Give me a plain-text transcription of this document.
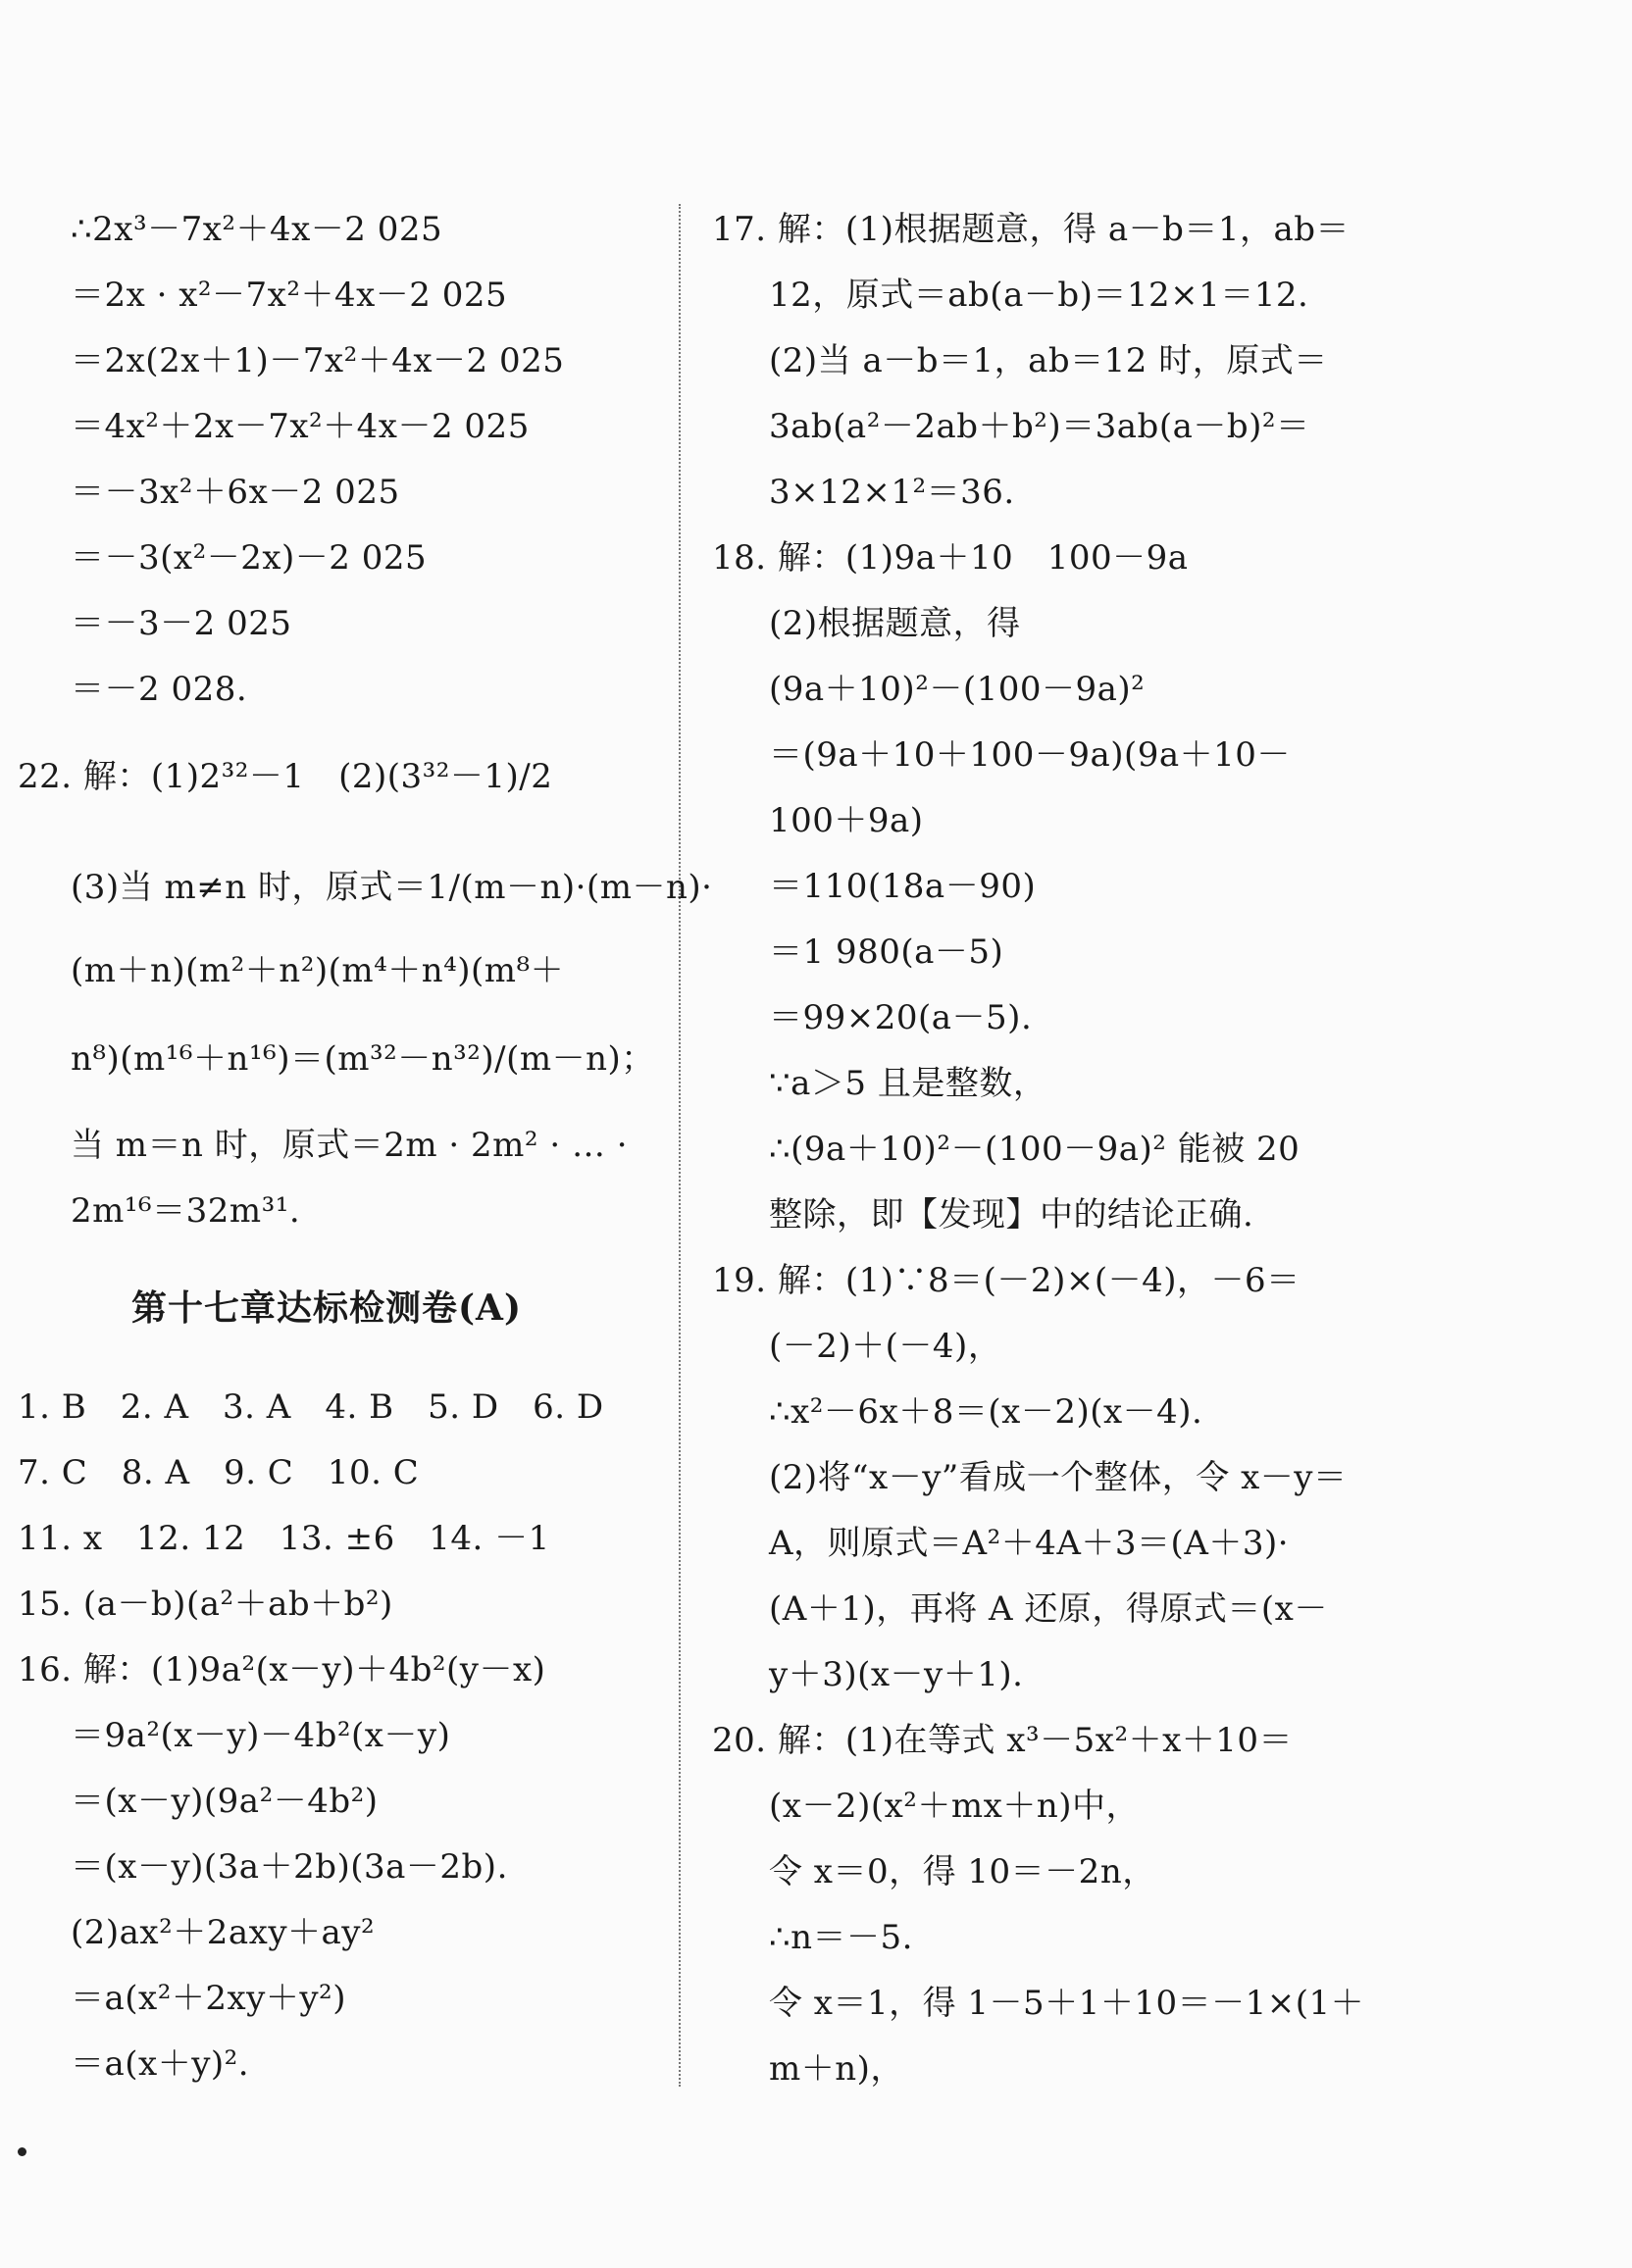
∴2x³－7x²＋4x－2 025
＝2x · x²－7x²＋4x－2 025
＝2x(2x＋1)－7x²＋4x－2 025
＝4x²＋2x－7x²＋4x－2 025
＝－3x²＋6x－2 025
＝－3(x²－2x)－2 025
＝－3－2 025
＝－2 028.
22. 解：(1)2³²－1　(2)(3³²－1)/2
(3)当 m≠n 时，原式＝1/(m－n)·(m－n)·
(m＋n)(m²＋n²)(m⁴＋n⁴)(m⁸＋
n⁸)(m¹⁶＋n¹⁶)＝(m³²－n³²)/(m－n)；
当 m＝n 时，原式＝2m · 2m² · … ·
2m¹⁶＝32m³¹.
第十七章达标检测卷(A)
1. B　2. A　3. A　4. B　5. D　6. D
7. C　8. A　9. C　10. C
11. x　12. 12　13. ±6　14. －1
15. (a－b)(a²＋ab＋b²)
16. 解：(1)9a²(x－y)＋4b²(y－x)
＝9a²(x－y)－4b²(x－y)
＝(x－y)(9a²－4b²)
＝(x－y)(3a＋2b)(3a－2b).
(2)ax²＋2axy＋ay²
＝a(x²＋2xy＋y²)
＝a(x＋y)².
17. 解：(1)根据题意，得 a－b＝1，ab＝
12，原式＝ab(a－b)＝12×1＝12.
(2)当 a－b＝1，ab＝12 时，原式＝
3ab(a²－2ab＋b²)＝3ab(a－b)²＝
3×12×1²＝36.
18. 解：(1)9a＋10　100－9a
(2)根据题意，得
(9a＋10)²－(100－9a)²
＝(9a＋10＋100－9a)(9a＋10－
100＋9a)
＝110(18a－90)
＝1 980(a－5)
＝99×20(a－5).
∵a＞5 且是整数，
∴(9a＋10)²－(100－9a)² 能被 20
整除，即【发现】中的结论正确.
19. 解：(1)∵8＝(－2)×(－4)，－6＝
(－2)＋(－4)，
∴x²－6x＋8＝(x－2)(x－4).
(2)将“x－y”看成一个整体，令 x－y＝
A，则原式＝A²＋4A＋3＝(A＋3)·
(A＋1)，再将 A 还原，得原式＝(x－
y＋3)(x－y＋1).
20. 解：(1)在等式 x³－5x²＋x＋10＝
(x－2)(x²＋mx＋n)中，
令 x＝0，得 10＝－2n，
∴n＝－5.
令 x＝1，得 1－5＋1＋10＝－1×(1＋
m＋n)，
